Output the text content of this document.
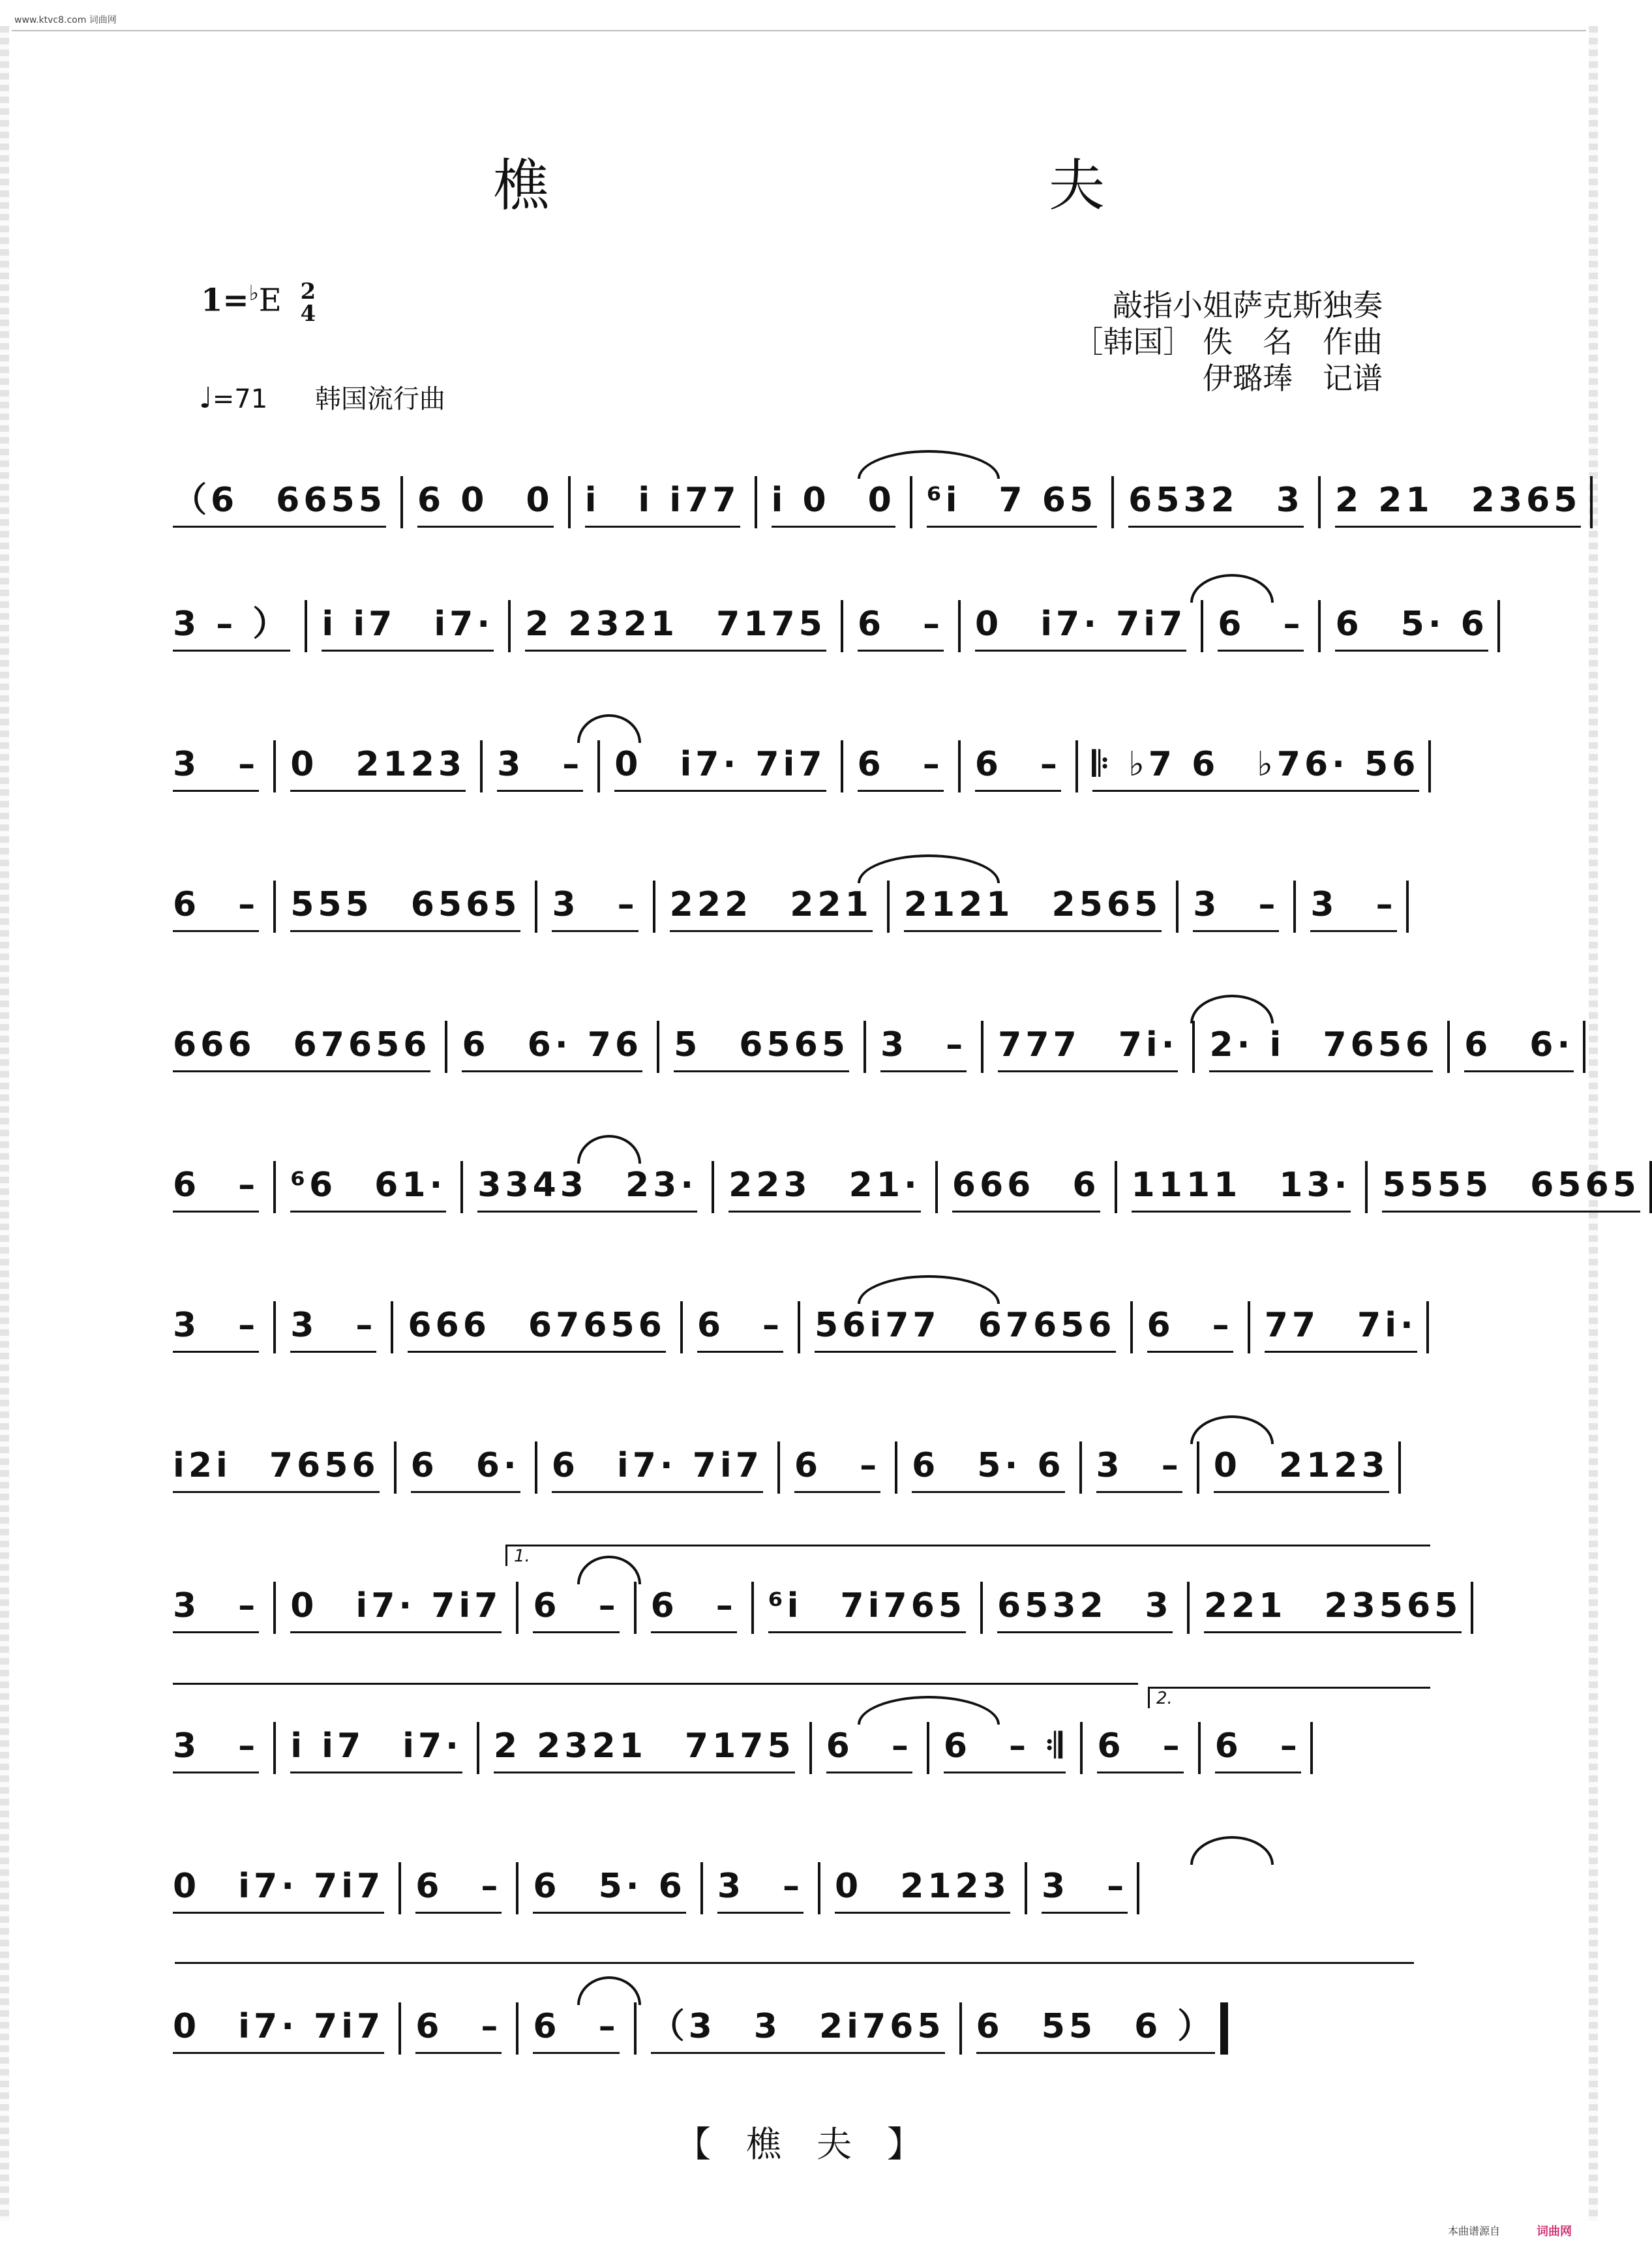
www.ktvc8.com 词曲网
樵　夫
1=♭E 2
4
♩=71 韩国流行曲
敲指小姐萨克斯独奏
［韩国］ 佚　名　作曲
伊璐琫　记谱
（6　6655 6 0　0 i　i i77 i 0　0 ⁶i　7 65 6532　3 2 21　2365
3 – ） i i7　i7· 2 2321　7175 6　– 0　i7· 7i7 6　– 6　5· 6
3　– 0　2123 3　– 0　i7· 7i7 6　– 6　– 𝄆 ♭7 6　♭76· 56
6　– 555　6565 3　– 222　221 2121　2565 3　– 3　–
666　67656 6　6· 76 5　6565 3　– 777　7i· 2· i　7656 6　6·
6　– ⁶6　61· 3343　23· 223　21· 666　6 1111　13· 5555　6565
3　– 3　– 666　67656 6　– 56i77　67656 6　– 77　7i·
i2i　7656 6　6· 6　i7· 7i7 6　– 6　5· 6 3　– 0　2123
3　– 0　i7· 7i7 6　– 6　– ⁶i　7i765 6532　3 221　23565
3　– i i7　i7· 2 2321　7175 6　– 6　– 𝄇 6　– 6　–
0　i7· 7i7 6　– 6　5· 6 3　– 0　2123 3　–
0　i7· 7i7 6　– 6　– （3　3　2i765 6　55　6 ）
1.
2.
【　樵　夫　】
本曲谱源自	词曲网
